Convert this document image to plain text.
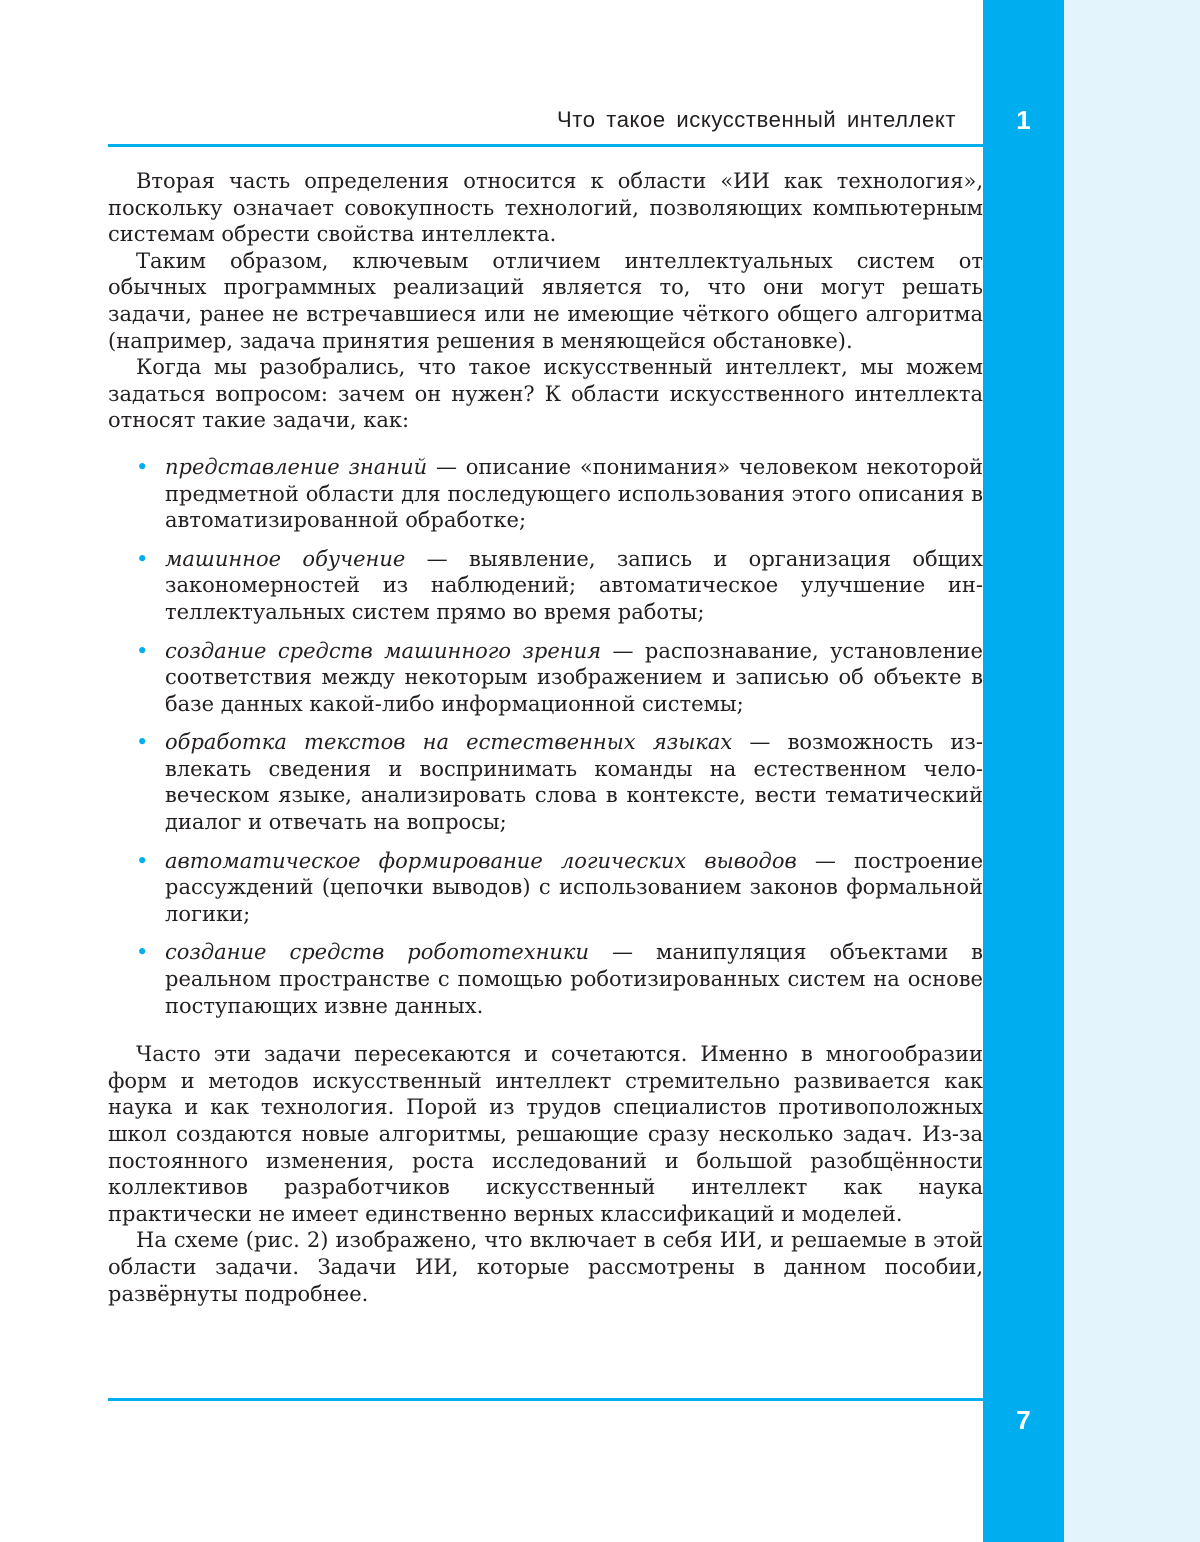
1
Что такое искусственный интеллект

Вторая часть определения относится к области «ИИ как технология», поскольку означает совокупность технологий, позволяющих компьютерным системам обрести свойства интеллекта.

Таким образом, ключевым отличием интеллектуальных систем от обычных программных реализаций является то, что они могут решать задачи, ранее не встречавшиеся или не имеющие чёткого общего алгоритма (например, задача принятия решения в меняющейся обстановке).

Когда мы разобрались, что такое искусственный интеллект, мы можем задаться вопросом: зачем он нужен? К области искусственного интеллекта относят такие задачи, как:

• представление знаний — описание «понимания» человеком некоторой предметной области для последующего использования этого описания в автоматизированной обработке;
• машинное обучение — выявление, запись и организация общих закономерностей из наблюдений; автоматическое улучшение интеллектуальных систем прямо во время работы;
• создание средств машинного зрения — распознавание, установление соответствия между некоторым изображением и записью об объекте в базе данных какой-либо информационной системы;
• обработка текстов на естественных языках — возможность извлекать сведения и воспринимать команды на естественном человеческом языке, анализировать слова в контексте, вести тематический диалог и отвечать на вопросы;
• автоматическое формирование логических выводов — построение рассуждений (цепочки выводов) с использованием законов формальной логики;
• создание средств робототехники — манипуляция объектами в реальном пространстве с помощью роботизированных систем на основе поступающих извне данных.

Часто эти задачи пересекаются и сочетаются. Именно в многообразии форм и методов искусственный интеллект стремительно развивается как наука и как технология. Порой из трудов специалистов противоположных школ создаются новые алгоритмы, решающие сразу несколько задач. Из-за постоянного изменения, роста исследований и большой разобщённости коллективов разработчиков искусственный интеллект как наука практически не имеет единственно верных классификаций и моделей.

На схеме (рис. 2) изображено, что включает в себя ИИ, и решаемые в этой области задачи. Задачи ИИ, которые рассмотрены в данном пособии, развёрнуты подробнее.

7
